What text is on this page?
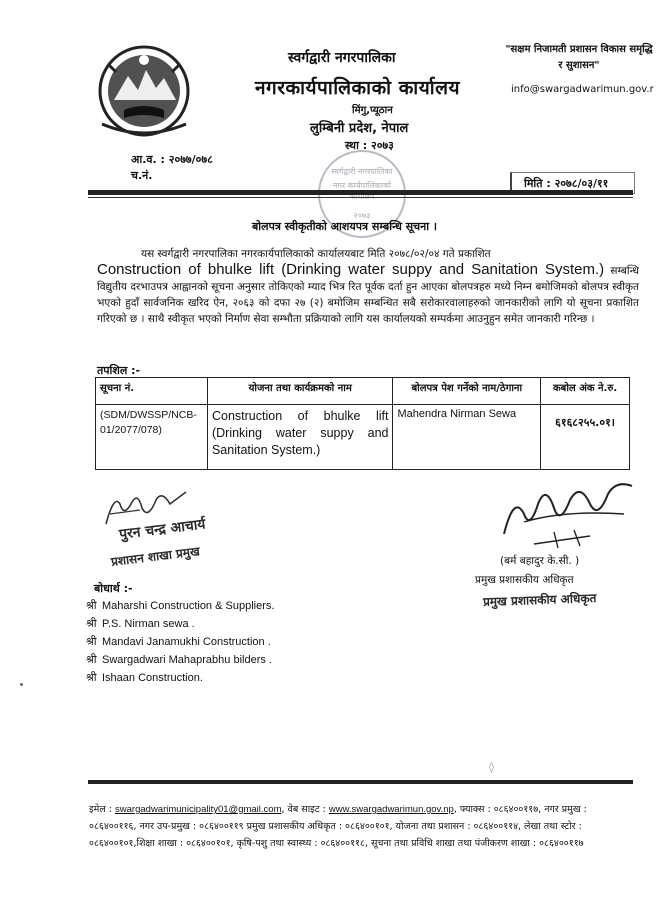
स्वर्गद्वारी नगरपालिका
नगरकार्यपालिकाको कार्यालय
मिंगु,प्यूठान
लुम्बिनी प्रदेश, नेपाल
स्था : २०७३
"सक्षम निजामती प्रशासन विकास समृद्धि र सुशासन"
info@swargadwarimun.gov.r
स्वर्गद्वारी नगरपालिका
नगर कार्यपालिकाको
२०७३
आ.व. : २०७७/०७८
च.नं.
मिति : २०७८/०३/११
बोलपत्र स्वीकृतीको आशयपत्र सम्बन्धि सूचना ।
यस स्वर्गद्वारी नगरपालिका नगरकार्यपालिकाको कार्यालयबाट मिति २०७८/०२/०४ गते प्रकाशित
Construction of bhulke lift (Drinking water suppy and Sanitation System.) सम्बन्धि विद्युतीय दरभाउपत्र आह्वानको सूचना अनुसार तोकिएको म्याद भित्र रित पूर्वक दर्ता हुन आएका बोलपत्रहरु मध्ये निम्न बमोजिमको बोलपत्र स्वीकृत भएको हुदाँ सार्वजनिक खरिद ऐन, २०६३ को दफा २७ (२) बमोजिम सम्बन्धित सबै सरोकारवालाहरुको जानकारीको लागि यो सूचना प्रकाशित गरिएको छ । साथै स्वीकृत भएको निर्माण सेवा सम्भौता प्रक्रियाको लागि यस कार्यालयको सम्पर्कमा आउनुहुन समेत जानकारी गरिन्छ ।
तपशिल :-
सूचना नं.	योजना तथा कार्यक्रमको नाम	बोलपत्र पेश गर्नेको नाम/ठेगाना	कबोल अंक ने.रु.
(SDM/DWSSP/NCB-01/2077/078)	Construction of bhulke lift (Drinking water suppy and Sanitation System.)	Mahendra Nirman Sewa	६१६८२५५.०१।
पुरन चन्द्र आचार्य
प्रशासन शाखा प्रमुख	(बर्म बहादुर के.सी. )
प्रमुख प्रशासकीय अधिकृत
प्रमुख प्रशासकीय अधिकृत
बोधार्थ :-
श्री Maharshi Construction & Suppliers.
श्री P.S. Nirman sewa .
श्री Mandavi Janamukhi Construction .
श्री Swargadwari Mahaprabhu bilders .
श्री Ishaan Construction.
◊
इमेल : swargadwarimunicipality01@gmail.com, वेब साइट : www.swargadwarimun.gov.np, फ्याक्स : ०८६४००११७, नगर प्रमुख : ०८६४००११६, नगर उप-प्रमुख : ०८६४००११९ प्रमुख प्रशासकीय अधिकृत : ०८६४००१०१, योजना तथा प्रशासन : ०८६४००११४, लेखा तथा स्टोर : ०८६४००१०१,शिक्षा शाखा : ०८६४००१०१, कृषि-पशु तथा स्वास्थ्य : ०८६४००११८, सूचना तथा प्रविधि शाखा तथा पंजीकरण शाखा : ०८६४००११७
